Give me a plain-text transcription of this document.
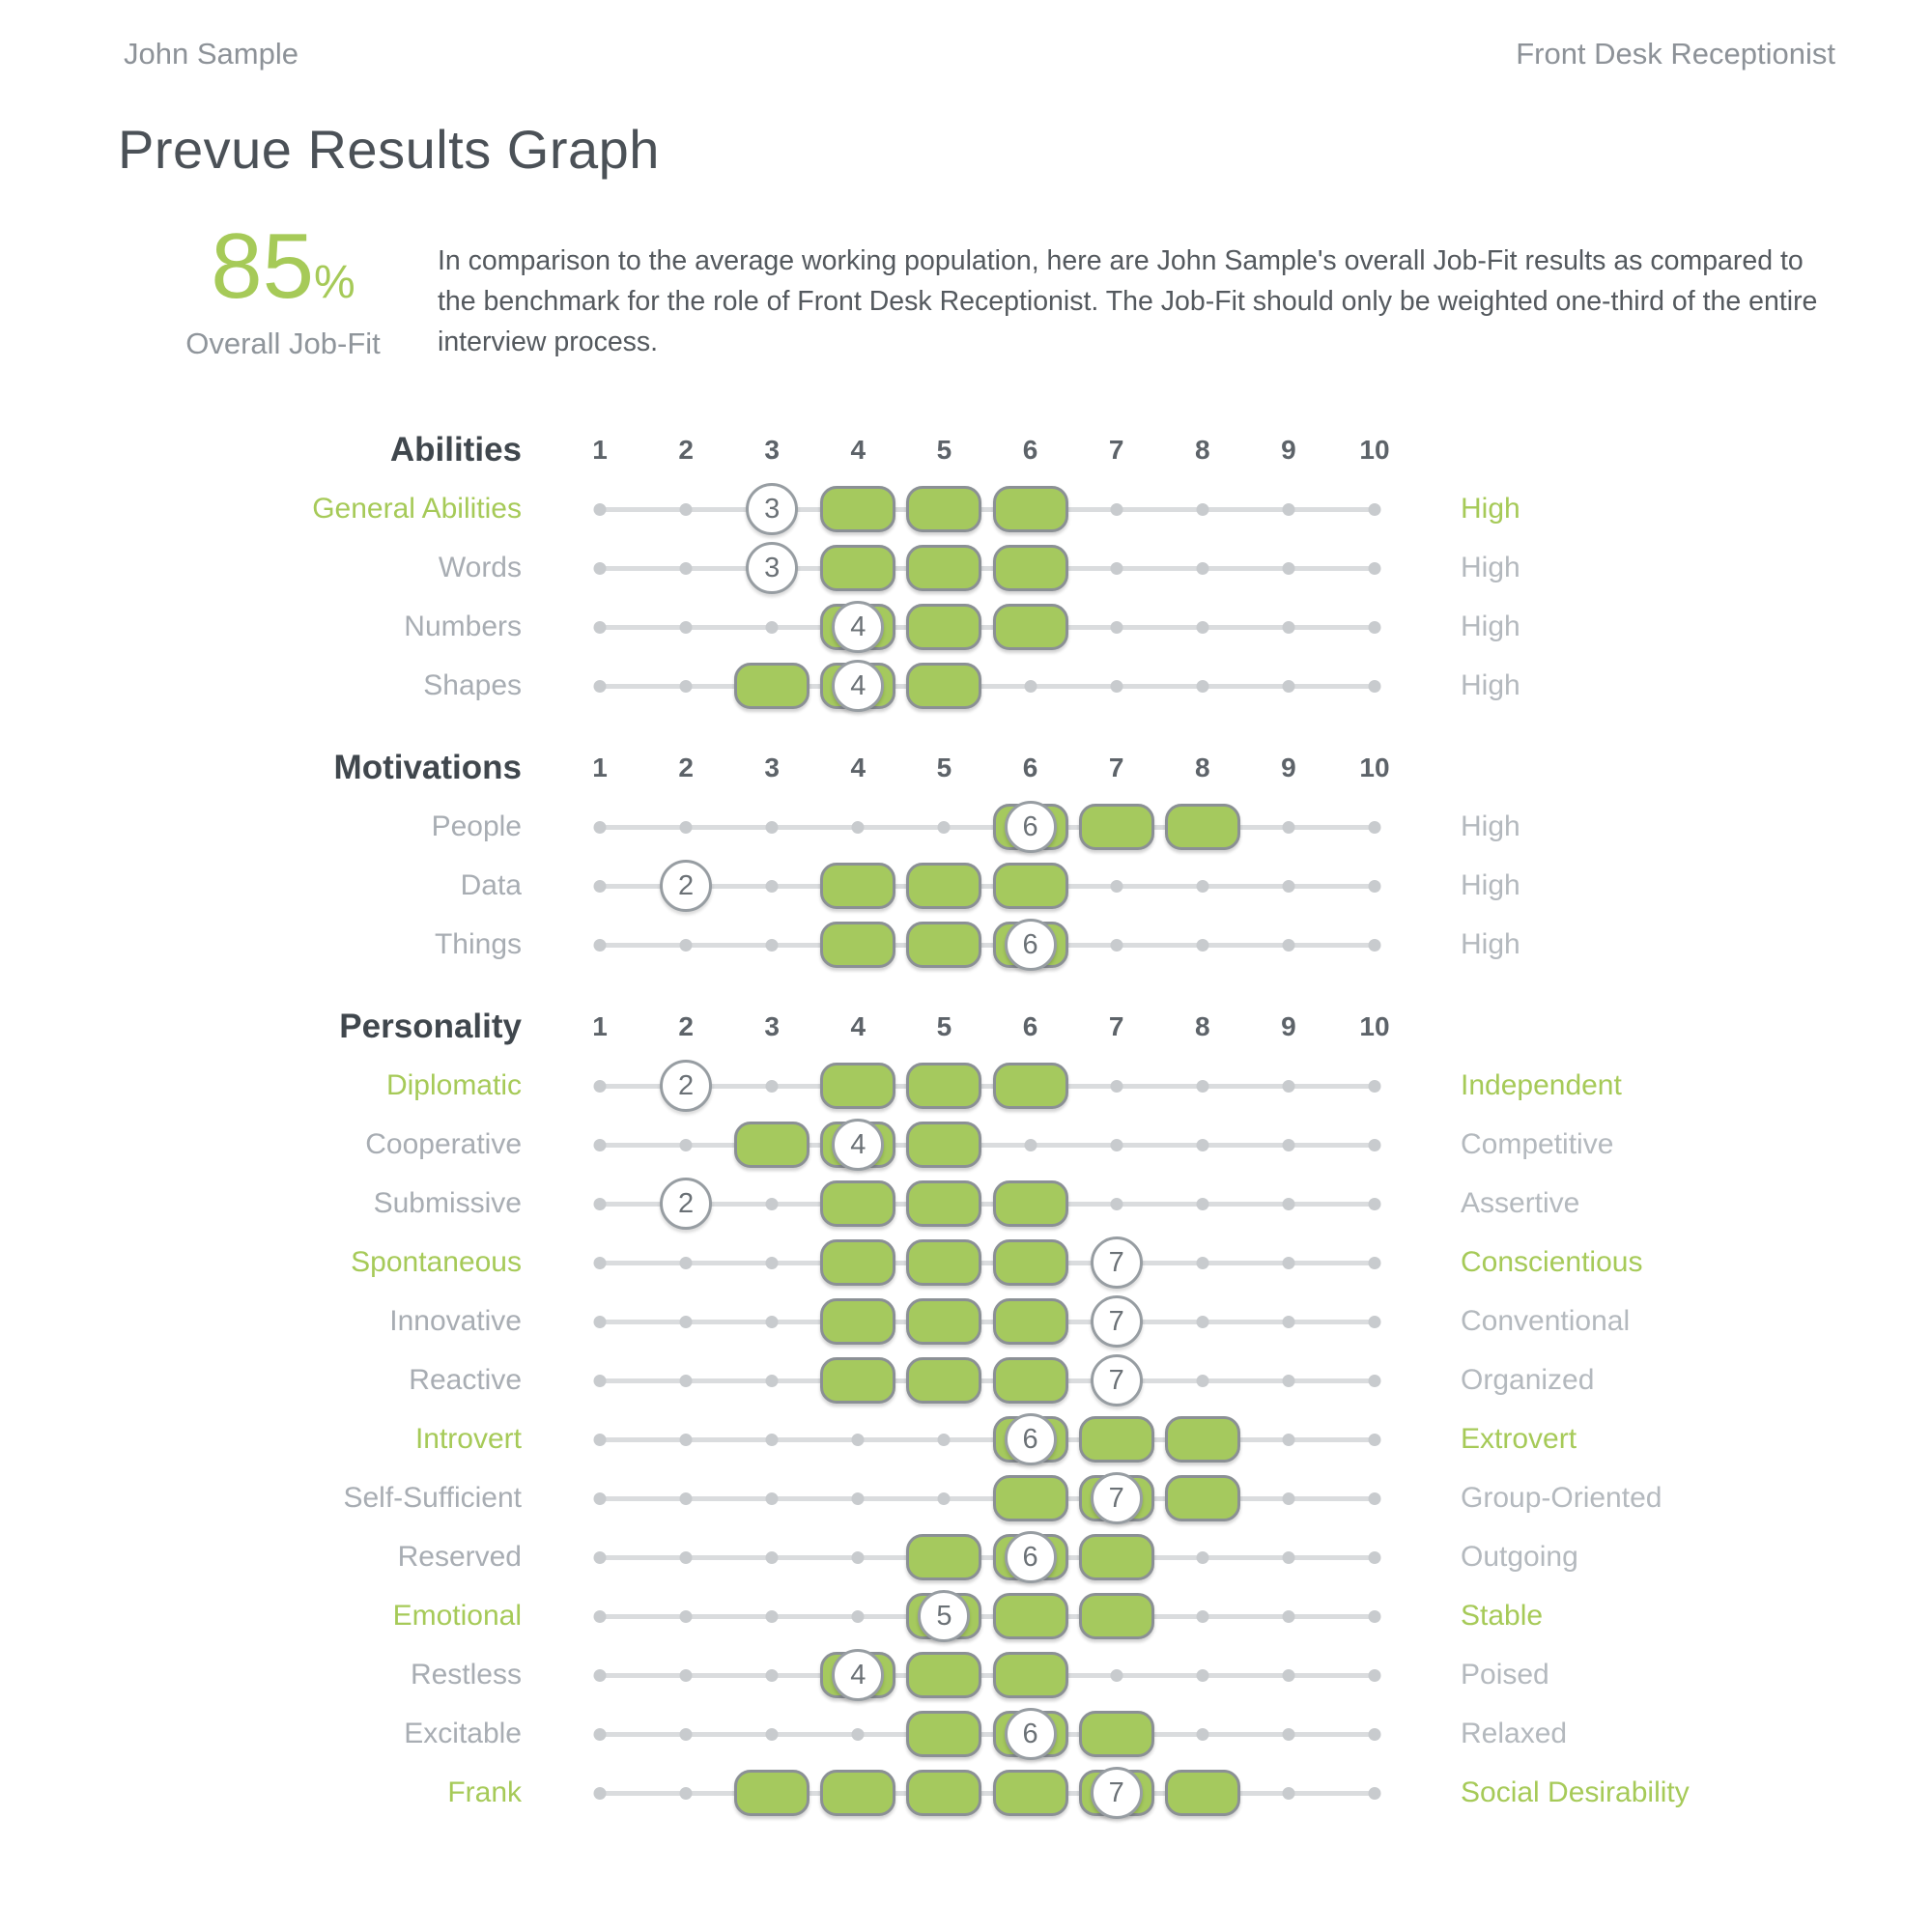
John Sample	Front Desk Receptionist
Prevue Results Graph
85%
Overall Job-Fit

In comparison to the average working population, here are John Sample's overall Job-Fit results as compared to the benchmark for the role of Front Desk Receptionist. The Job-Fit should only be weighted one-third of the entire interview process.

Abilities	1	2	3	4	5	6	7	8	9 10
General Abilities	3	High
Words	3	High
Numbers	4	High
Shapes	4	High
Motivations	1	2	3	4	5	6	7	8	9 10
People	6	High
Data	2	High
Things	6	High
Personality	1	2	3	4	5	6	7	8	9 10
Diplomatic	2	Independent
Cooperative	4	Competitive
Submissive	2	Assertive
Spontaneous	7	Conscientious
Innovative	7	Conventional
Reactive	7	Organized
Introvert	6	Extrovert
Self-Sufficient	7	Group-Oriented
Reserved	6	Outgoing
Emotional	5	Stable
Restless	4	Poised
Excitable	6	Relaxed
Frank	7	Social Desirability
